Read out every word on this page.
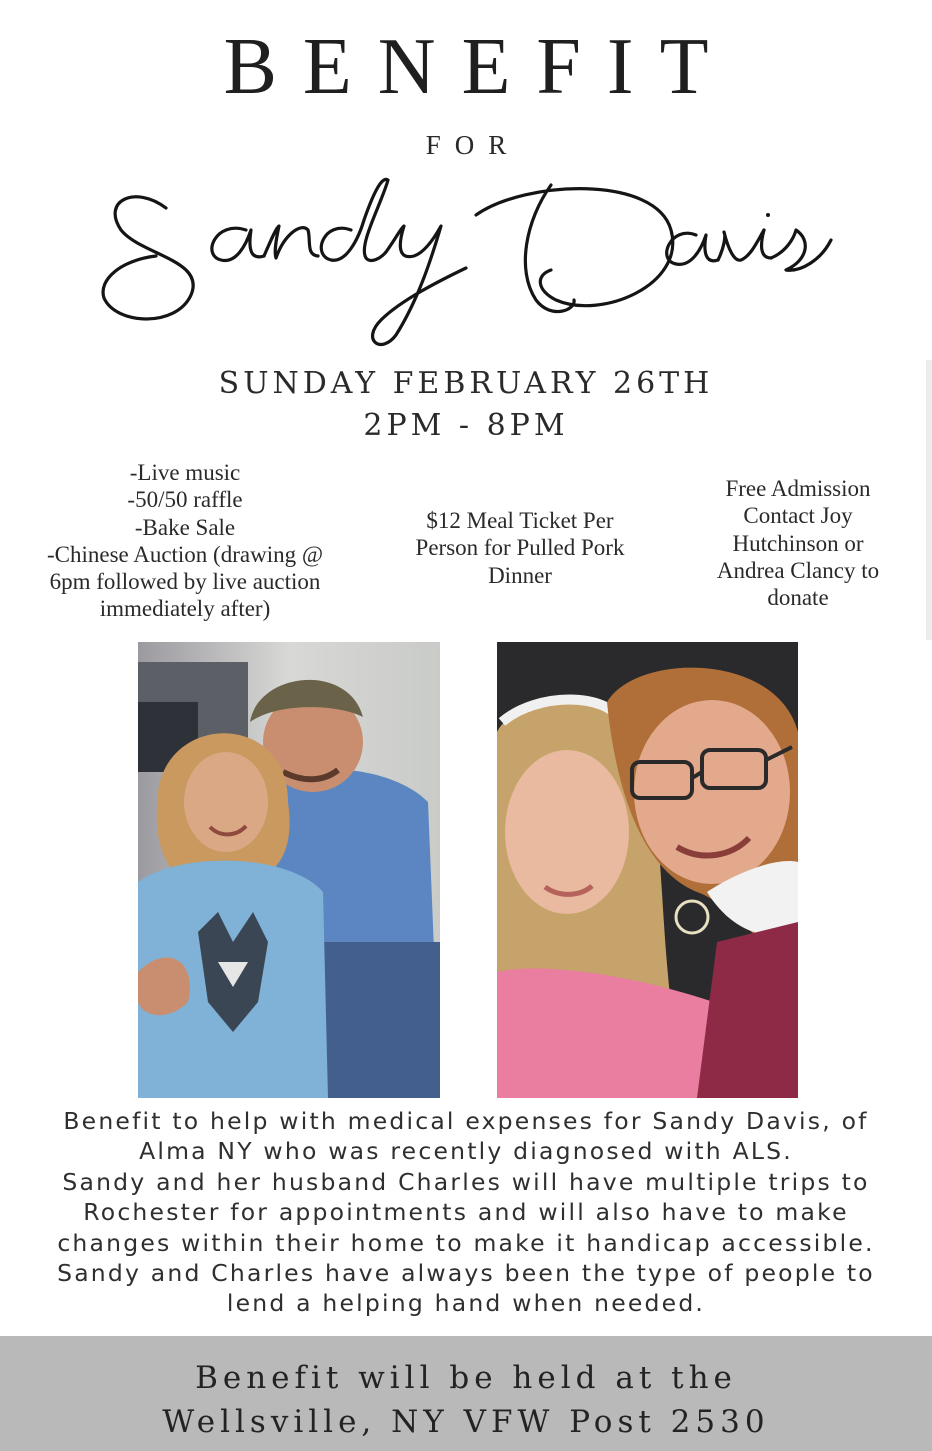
BENEFIT
FOR
SUNDAY FEBRUARY 26TH
2PM - 8PM
-Live music
-50/50 raffle
-Bake Sale
-Chinese Auction (drawing @
6pm followed by live auction
immediately after)
$12 Meal Ticket Per
Person for Pulled Pork
Dinner
Free Admission
Contact Joy
Hutchinson or
Andrea Clancy to
donate
Benefit to help with medical expenses for Sandy Davis, of
Alma NY who was recently diagnosed with ALS.
Sandy and her husband Charles will have multiple trips to
Rochester for appointments and will also have to make
changes within their home to make it handicap accessible.
Sandy and Charles have always been the type of people to
lend a helping hand when needed.
Benefit will be held at the
Wellsville, NY VFW Post 2530
